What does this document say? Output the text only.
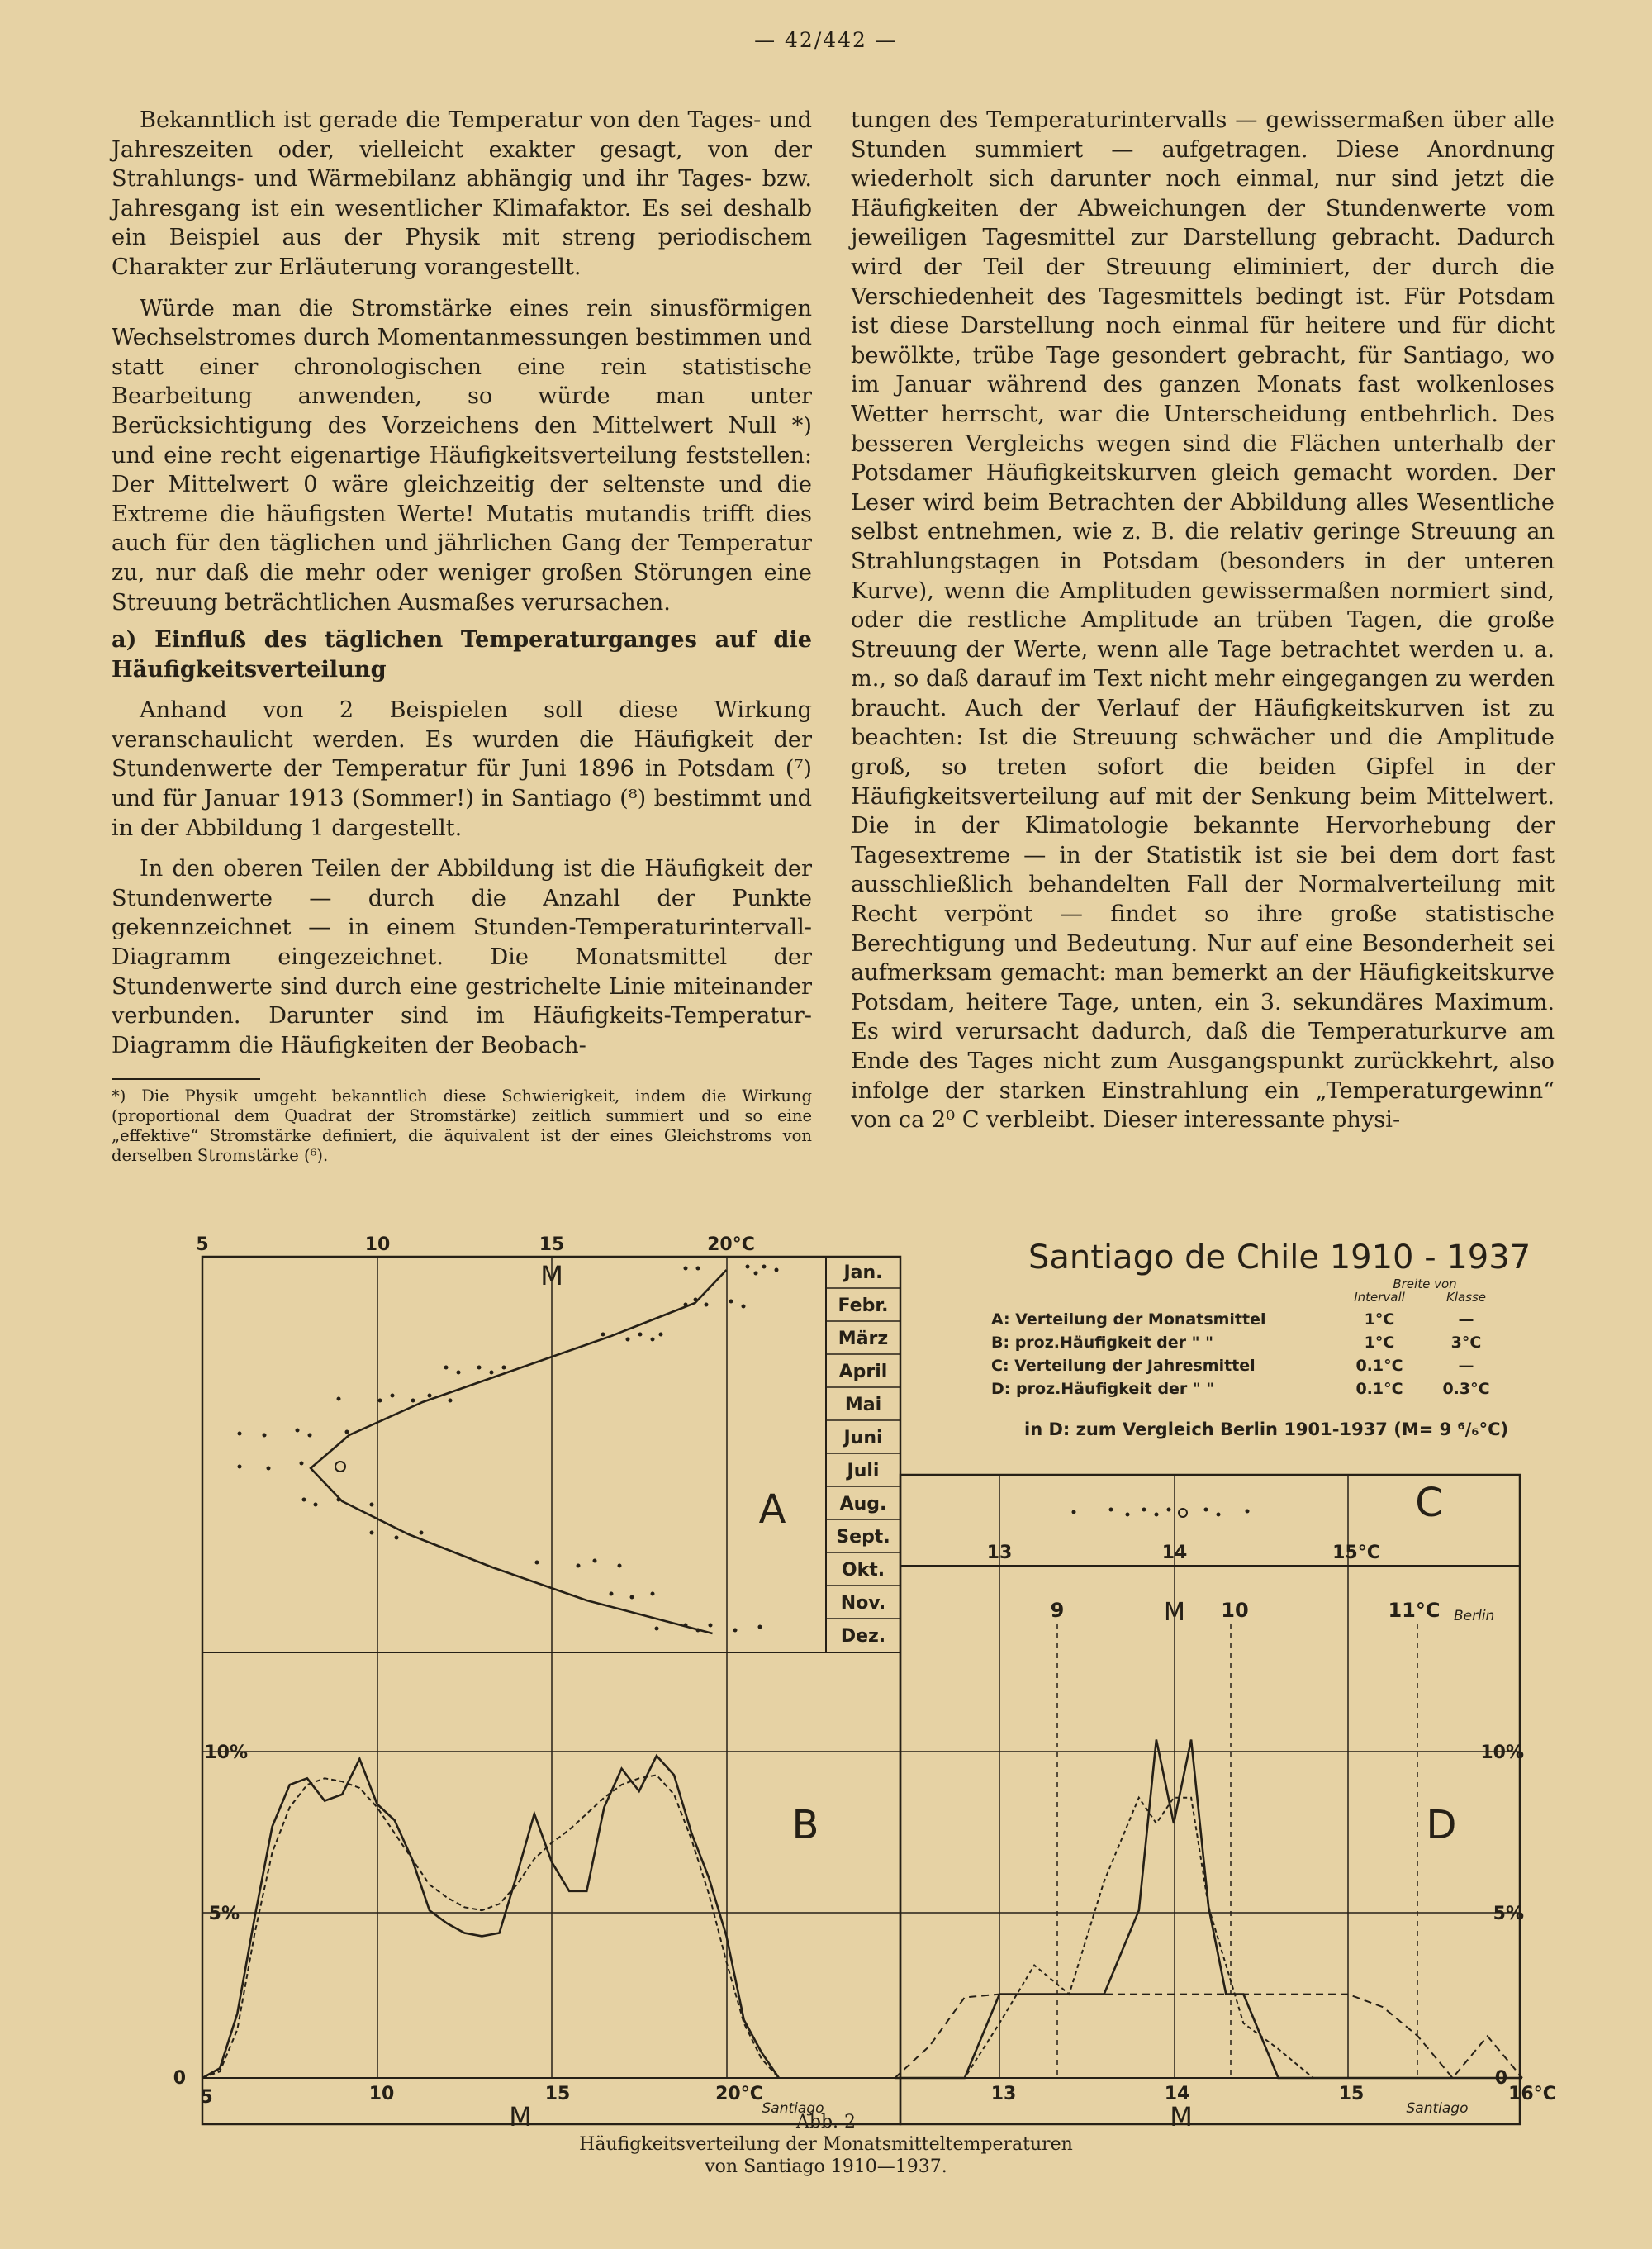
— 42/442 —

Bekanntlich ist gerade die Temperatur von den Tages- und Jahreszeiten oder, vielleicht exakter gesagt, von der Strahlungs- und Wärmebilanz abhängig und ihr Tages- bzw. Jahresgang ist ein wesentlicher Klimafaktor. Es sei deshalb ein Beispiel aus der Physik mit streng periodischem Charakter zur Erläuterung vorangestellt.

Würde man die Stromstärke eines rein sinusförmigen Wechselstromes durch Momentanmessungen bestimmen und statt einer chronologischen eine rein statistische Bearbeitung anwenden, so würde man unter Berücksichtigung des Vorzeichens den Mittelwert Null *) und eine recht eigenartige Häufigkeitsverteilung feststellen: Der Mittelwert 0 wäre gleichzeitig der seltenste und die Extreme die häufigsten Werte! Mutatis mutandis trifft dies auch für den täglichen und jährlichen Gang der Temperatur zu, nur daß die mehr oder weniger großen Störungen eine Streuung beträchtlichen Ausmaßes verursachen.

a) Einfluß des täglichen Temperaturganges auf die Häufigkeitsverteilung

Anhand von 2 Beispielen soll diese Wirkung veranschaulicht werden. Es wurden die Häufigkeit der Stundenwerte der Temperatur für Juni 1896 in Potsdam (⁷) und für Januar 1913 (Sommer!) in Santiago (⁸) bestimmt und in der Abbildung 1 dargestellt.

In den oberen Teilen der Abbildung ist die Häufigkeit der Stundenwerte — durch die Anzahl der Punkte gekennzeichnet — in einem Stunden-Temperaturintervall-Diagramm eingezeichnet. Die Monatsmittel der Stundenwerte sind durch eine gestrichelte Linie miteinander verbunden. Darunter sind im Häufigkeits-Temperatur-Diagramm die Häufigkeiten der Beobach-

*) Die Physik umgeht bekanntlich diese Schwierigkeit, indem die Wirkung (proportional dem Quadrat der Stromstärke) zeitlich summiert und so eine „effektive“ Stromstärke definiert, die äquivalent ist der eines Gleichstroms von derselben Stromstärke (⁶).

tungen des Temperaturintervalls — gewissermaßen über alle Stunden summiert — aufgetragen. Diese Anordnung wiederholt sich darunter noch einmal, nur sind jetzt die Häufigkeiten der Abweichungen der Stundenwerte vom jeweiligen Tagesmittel zur Darstellung gebracht. Dadurch wird der Teil der Streuung eliminiert, der durch die Verschiedenheit des Tagesmittels bedingt ist. Für Potsdam ist diese Darstellung noch einmal für heitere und für dicht bewölkte, trübe Tage gesondert gebracht, für Santiago, wo im Januar während des ganzen Monats fast wolkenloses Wetter herrscht, war die Unterscheidung entbehrlich. Des besseren Vergleichs wegen sind die Flächen unterhalb der Potsdamer Häufigkeitskurven gleich gemacht worden. Der Leser wird beim Betrachten der Abbildung alles Wesentliche selbst entnehmen, wie z. B. die relativ geringe Streuung an Strahlungstagen in Potsdam (besonders in der unteren Kurve), wenn die Amplituden gewissermaßen normiert sind, oder die restliche Amplitude an trüben Tagen, die große Streuung der Werte, wenn alle Tage betrachtet werden u. a. m., so daß darauf im Text nicht mehr eingegangen zu werden braucht. Auch der Verlauf der Häufigkeitskurven ist zu beachten: Ist die Streuung schwächer und die Amplitude groß, so treten sofort die beiden Gipfel in der Häufigkeitsverteilung auf mit der Senkung beim Mittelwert. Die in der Klimatologie bekannte Hervorhebung der Tagesextreme — in der Statistik ist sie bei dem dort fast ausschließlich behandelten Fall der Normalverteilung mit Recht verpönt — findet so ihre große statistische Berechtigung und Bedeutung. Nur auf eine Besonderheit sei aufmerksam gemacht: man bemerkt an der Häufigkeitskurve Potsdam, heitere Tage, unten, ein 3. sekundäres Maximum. Es wird verursacht dadurch, daß die Temperaturkurve am Ende des Tages nicht zum Ausgangspunkt zurückkehrt, also infolge der starken Einstrahlung ein „Temperaturgewinn“ von ca 2⁰ C verbleibt. Dieser interessante physi-

5	10	15	20°C
5	10	15	20°C
13	14	15°C
13	14	15	16°C
0
5%
10%
0
5%
10%
Jan.
Febr.
März
April
Mai
Juni
Juli
Aug.
Sept.
Okt.
Nov.
Dez.
A
B
C
D
M
M	M
9	M 10	11°C Berlin
Santiago	Santiago
Santiago de Chile 1910 - 1937
Breite von
Intervall	Klasse
A: Verteilung der Monatsmittel	1°C	—
B: proz.Häufigkeit der " "	1°C	3°C
C: Verteilung der Jahresmittel	0.1°C	—
D: proz.Häufigkeit der " "	0.1°C	0.3°C
in D: zum Vergleich Berlin 1901-1937 (M= 9 ⁶/₆°C)
Abb. 2
Häufigkeitsverteilung der Monatsmitteltemperaturen
von Santiago 1910—1937.
